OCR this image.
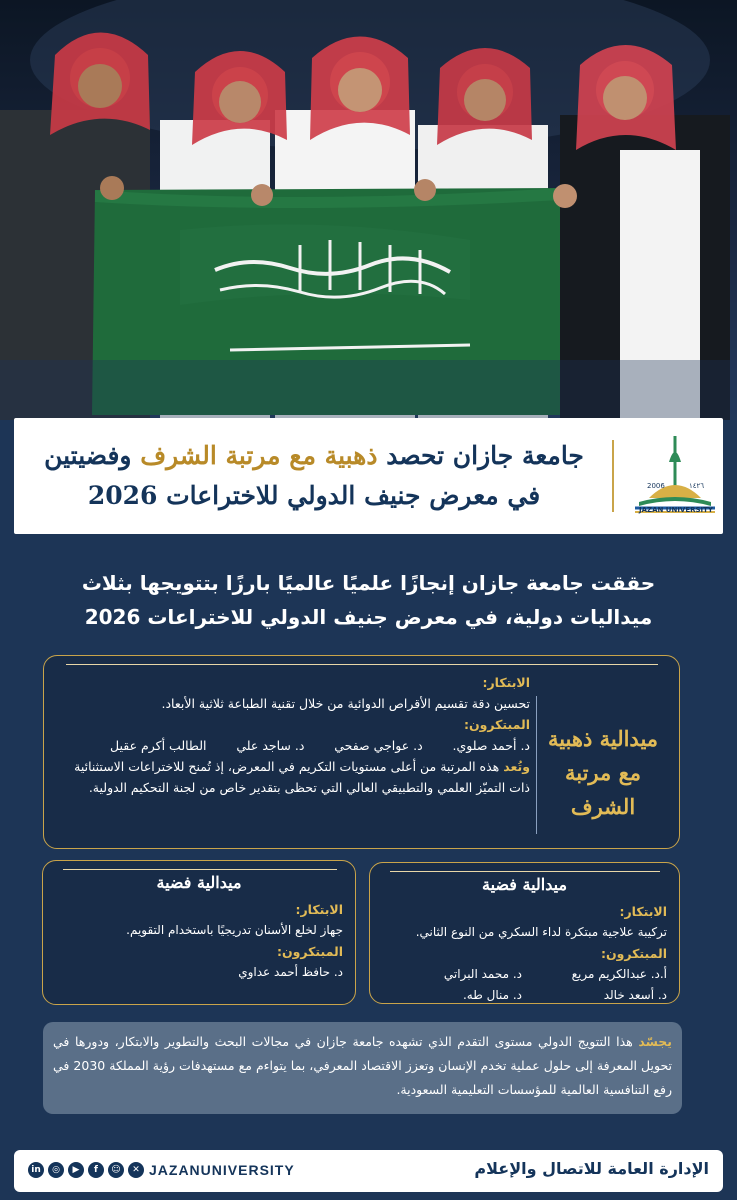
جامعة جازان تحصد ذهبية مع مرتبة الشرف وفضيتين
في معرض جنيف الدولي للاختراعات 2026	2006	١٤٢٦
JAZAN UNIVERSITY
حققت جامعة جازان إنجازًا علميًا عالميًا بارزًا بتتويجها بثلاث
ميداليات دولية، في معرض جنيف الدولي للاختراعات 2026
ميدالية ذهبية
مع مرتبة الشرف
الابتكار:
تحسين دقة تقسيم الأقراص الدوائية من خلال تقنية الطباعة ثلاثية الأبعاد.
المبتكرون:
د. أحمد صلوي.
د. عواجي صفحي
د. ساجد علي
الطالب أكرم عقيل
وتُعد هذه المرتبة من أعلى مستويات التكريم في المعرض، إذ تُمنح للاختراعات الاستثنائية ذات التميّز العلمي والتطبيقي العالي التي تحظى بتقدير خاص من لجنة التحكيم الدولية.
ميدالية فضية
الابتكار:
تركيبة علاجية مبتكرة لداء السكري من النوع الثاني.
المبتكرون:
أ.د. عبدالكريم مريع
د. محمد البراتي
د. أسعد خالد
د. منال طه.
ميدالية فضية
الابتكار:
جهاز لخلع الأسنان تدريجيًا باستخدام التقويم.
المبتكرون:
د. حافظ أحمد عداوي
يجسّد هذا التتويج الدولي مستوى التقدم الذي تشهده جامعة جازان في مجالات البحث والتطوير والابتكار، ودورها في تحويل المعرفة إلى حلول عملية تخدم الإنسان وتعزز الاقتصاد المعرفي، بما يتواءم مع مستهدفات رؤية المملكة 2030 في رفع التنافسية العالمية للمؤسسات التعليمية السعودية.
الإدارة العامة للاتصال والإعلام
JAZANUNIVERSITY
in	◎	▶	f	☺	✕
